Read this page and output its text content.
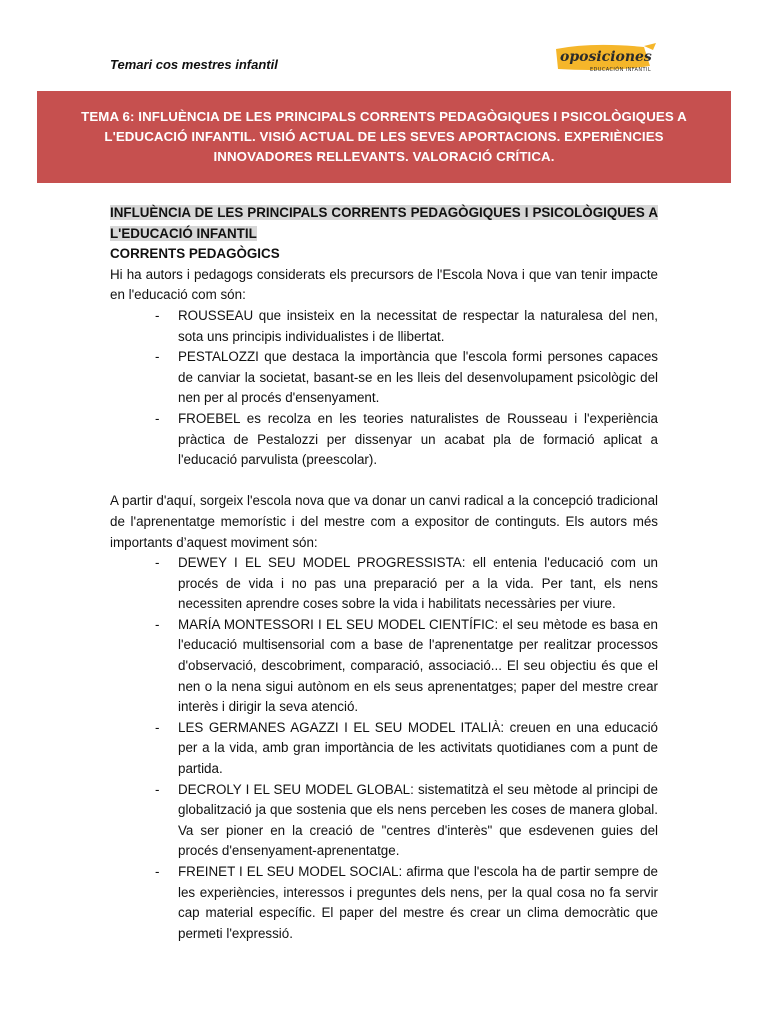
Temari cos mestres infantil	oposiciones
EDUCACIÓN INFANTIL
TEMA 6: INFLUÈNCIA DE LES PRINCIPALS CORRENTS PEDAGÒGIQUES I PSICOLÒGIQUES A L'EDUCACIÓ INFANTIL. VISIÓ ACTUAL DE LES SEVES APORTACIONS. EXPERIÈNCIES INNOVADORES RELLEVANTS. VALORACIÓ CRÍTICA.
INFLUÈNCIA DE LES PRINCIPALS CORRENTS PEDAGÒGIQUES I PSICOLÒGIQUES A L'EDUCACIÓ INFANTIL
CORRENTS PEDAGÒGICS

Hi ha autors i pedagogs considerats els precursors de l'Escola Nova i que van tenir impacte en l'educació com són:

- ROUSSEAU que insisteix en la necessitat de respectar la naturalesa del nen, sota uns principis individualistes i de llibertat.
- PESTALOZZI que destaca la importància que l'escola formi persones capaces de canviar la societat, basant-se en les lleis del desenvolupament psicològic del nen per al procés d'ensenyament.
- FROEBEL es recolza en les teories naturalistes de Rousseau i l'experiència pràctica de Pestalozzi per dissenyar un acabat pla de formació aplicat a l'educació parvulista (preescolar).

A partir d'aquí, sorgeix l'escola nova que va donar un canvi radical a la concepció tradicional de l'aprenentatge memorístic i del mestre com a expositor de continguts. Els autors més importants d’aquest moviment són:

- DEWEY I EL SEU MODEL PROGRESSISTA: ell entenia l'educació com un procés de vida i no pas una preparació per a la vida. Per tant, els nens necessiten aprendre coses sobre la vida i habilitats necessàries per viure.
- MARÍA MONTESSORI I EL SEU MODEL CIENTÍFIC: el seu mètode es basa en l'educació multisensorial com a base de l'aprenentatge per realitzar processos d'observació, descobriment, comparació, associació... El seu objectiu és que el nen o la nena sigui autònom en els seus aprenentatges; paper del mestre crear interès i dirigir la seva atenció.
- LES GERMANES AGAZZI I EL SEU MODEL ITALIÀ: creuen en una educació per a la vida, amb gran importància de les activitats quotidianes com a punt de partida.
- DECROLY I EL SEU MODEL GLOBAL: sistematitzà el seu mètode al principi de globalització ja que sostenia que els nens perceben les coses de manera global. Va ser pioner en la creació de "centres d'interès" que esdevenen guies del procés d'ensenyament-aprenentatge.
- FREINET I EL SEU MODEL SOCIAL: afirma que l'escola ha de partir sempre de les experiències, interessos i preguntes dels nens, per la qual cosa no fa servir cap material específic. El paper del mestre és crear un clima democràtic que permeti l'expressió.
